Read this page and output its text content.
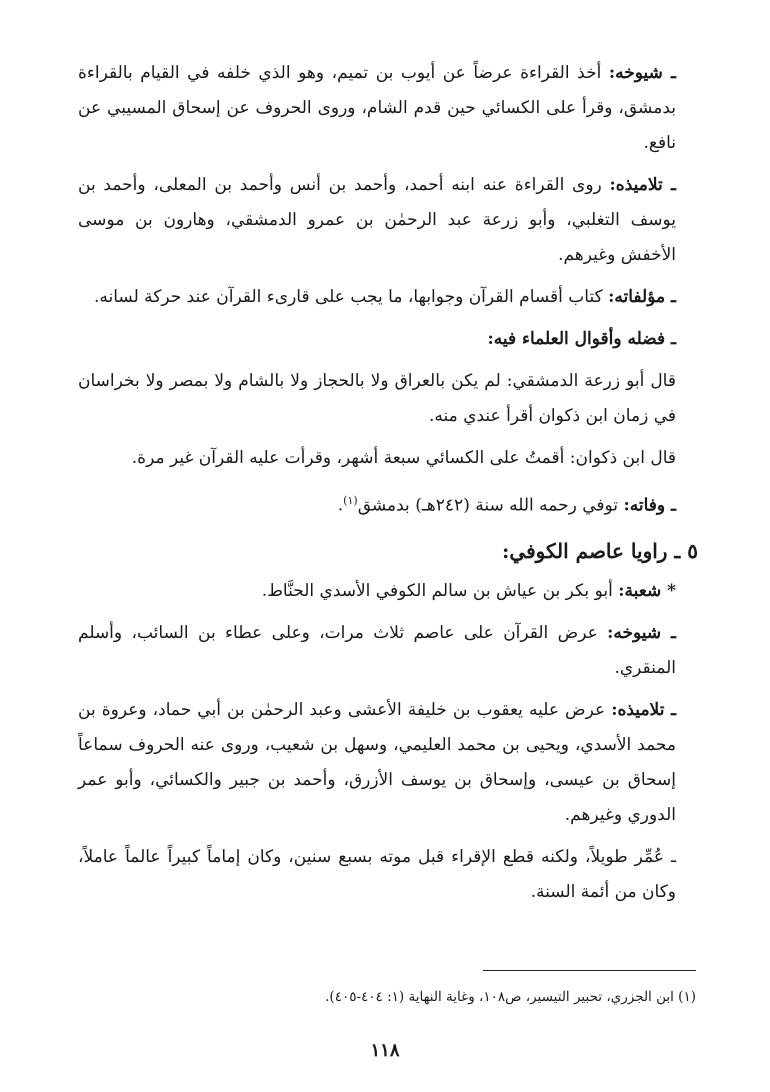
ـ شيوخه: أخذ القراءة عرضاً عن أيوب بن تميم، وهو الذي خلفه في القيام بالقراءة بدمشق، وقرأ على الكسائي حين قدم الشام، وروى الحروف عن إسحاق المسيبي عن نافع.

ـ تلاميذه: روى القراءة عنه ابنه أحمد، وأحمد بن أنس وأحمد بن المعلى، وأحمد بن يوسف التغلبي، وأبو زرعة عبد الرحمٰن بن عمرو الدمشقي، وهارون بن موسى الأخفش وغيرهم.

ـ مؤلفاته: كتاب أقسام القرآن وجوابها، ما يجب على قارىء القرآن عند حركة لسانه.

ـ فضله وأقوال العلماء فيه:

قال أبو زرعة الدمشقي: لم يكن بالعراق ولا بالحجاز ولا بالشام ولا بمصر ولا بخراسان في زمان ابن ذكوان أقرأ عندي منه.

قال ابن ذكوان: أقمتُ على الكسائي سبعة أشهر، وقرأت عليه القرآن غير مرة.

ـ وفاته: توفي رحمه الله سنة (٢٤٢هـ) بدمشق$^{(١)}$.

٥ ـ راويا عاصم الكوفي:

* شعبة: أبو بكر بن عياش بن سالم الكوفي الأسدي الحنَّاط.

ـ شيوخه: عرض القرآن على عاصم ثلاث مرات، وعلى عطاء بن السائب، وأسلم المنقري.

ـ تلاميذه: عرض عليه يعقوب بن خليفة الأعشى وعبد الرحمٰن بن أبي حماد، وعروة بن محمد الأسدي، ويحيى بن محمد العليمي، وسهل بن شعيب، وروى عنه الحروف سماعاً إسحاق بن عيسى، وإسحاق بن يوسف الأزرق، وأحمد بن جبير والكسائي، وأبو عمر الدوري وغيرهم.

ـ عُمِّر طويلاً، ولكنه قطع الإقراء قبل موته بسبع سنين، وكان إماماً كبيراً عالماً عاملاً، وكان من أئمة السنة.

(١) ابن الجزري، تحبير التيسير، ص١٠٨، وغاية النهاية (١: ٤٠٤-٤٠٥).
١١٨
